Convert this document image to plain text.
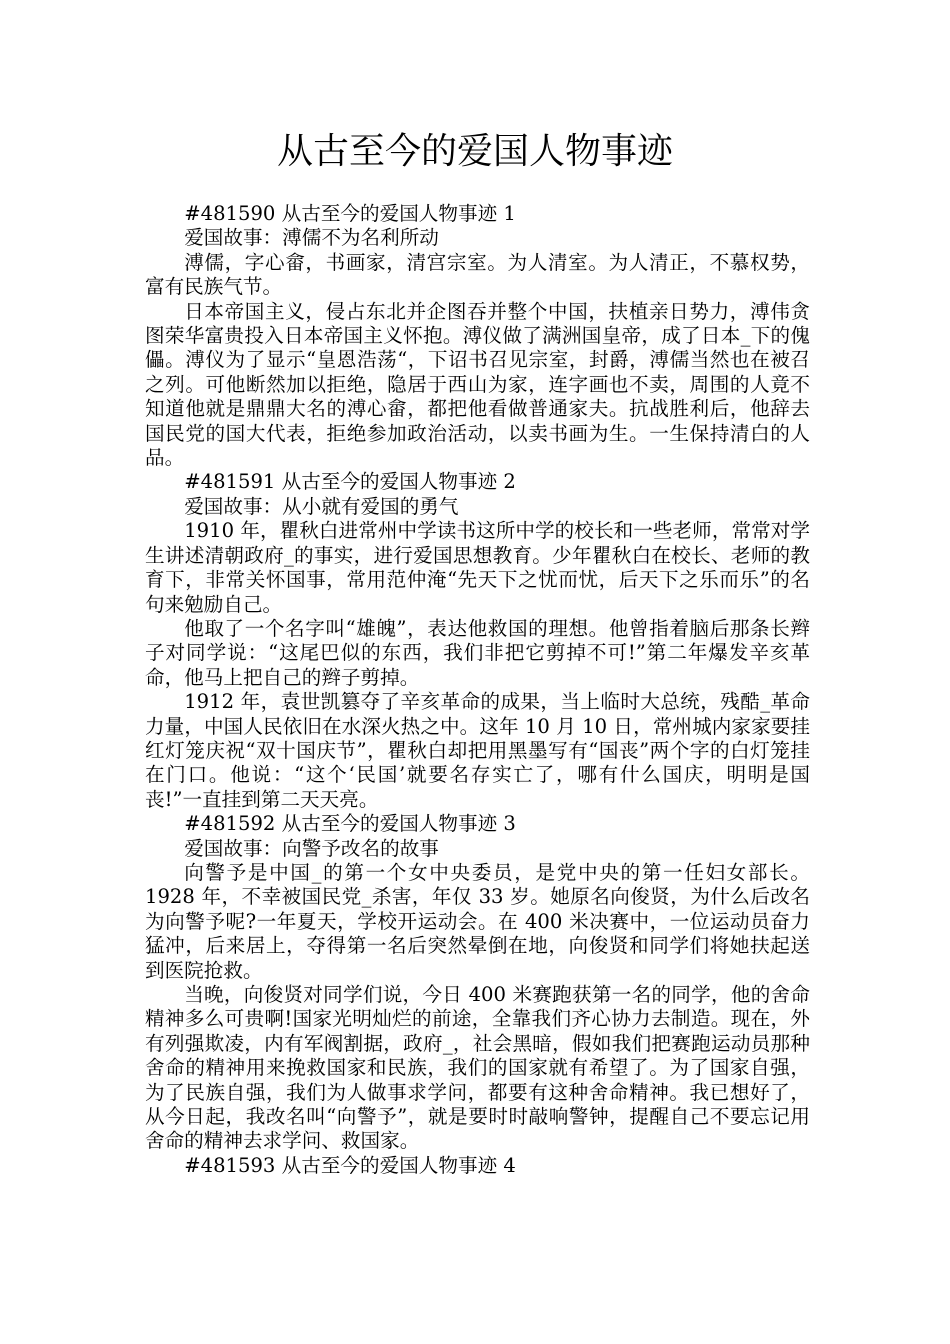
从古至今的爱国人物事迹

#481590 从古至今的爱国人物事迹 1

爱国故事：溥儒不为名利所动

溥儒，字心畲，书画家，清宫宗室。为人清室。为人清正，不慕权势，富有民族气节。

日本帝国主义，侵占东北并企图吞并整个中国，扶植亲日势力，溥伟贪图荣华富贵投入日本帝国主义怀抱。溥仪做了满洲国皇帝，成了日本_下的傀儡。溥仪为了显示“皇恩浩荡“，下诏书召见宗室，封爵，溥儒当然也在被召之列。可他断然加以拒绝，隐居于西山为家，连字画也不卖，周围的人竟不知道他就是鼎鼎大名的溥心畲，都把他看做普通家夫。抗战胜利后，他辞去国民党的国大代表，拒绝参加政治活动，以卖书画为生。一生保持清白的人品。

#481591 从古至今的爱国人物事迹 2

爱国故事：从小就有爱国的勇气

1910 年，瞿秋白进常州中学读书这所中学的校长和一些老师，常常对学生讲述清朝政府_的事实，进行爱国思想教育。少年瞿秋白在校长、老师的教育下，非常关怀国事，常用范仲淹“先天下之忧而忧，后天下之乐而乐”的名句来勉励自己。

他取了一个名字叫“雄魄”，表达他救国的理想。他曾指着脑后那条长辫子对同学说：“这尾巴似的东西，我们非把它剪掉不可!”第二年爆发辛亥革命，他马上把自己的辫子剪掉。

1912 年，袁世凯篡夺了辛亥革命的成果，当上临时大总统，残酷_革命力量，中国人民依旧在水深火热之中。这年 10 月 10 日，常州城内家家要挂红灯笼庆祝“双十国庆节”，瞿秋白却把用黑墨写有“国丧”两个字的白灯笼挂在门口。他说：“这个‘民国’就要名存实亡了，哪有什么国庆，明明是国丧!”一直挂到第二天天亮。

#481592 从古至今的爱国人物事迹 3

爱国故事：向警予改名的故事

向警予是中国_的第一个女中央委员，是党中央的第一任妇女部长。1928 年，不幸被国民党_杀害，年仅 33 岁。她原名向俊贤，为什么后改名为向警予呢?一年夏天，学校开运动会。在 400 米决赛中，一位运动员奋力猛冲，后来居上，夺得第一名后突然晕倒在地，向俊贤和同学们将她扶起送到医院抢救。

当晚，向俊贤对同学们说，今日 400 米赛跑获第一名的同学，他的舍命精神多么可贵啊!国家光明灿烂的前途，全靠我们齐心协力去制造。现在，外有列强欺凌，内有军阀割据，政府_，社会黑暗，假如我们把赛跑运动员那种舍命的精神用来挽救国家和民族，我们的国家就有希望了。为了国家自强，为了民族自强，我们为人做事求学问，都要有这种舍命精神。我已想好了，从今日起，我改名叫“向警予”，就是要时时敲响警钟，提醒自己不要忘记用舍命的精神去求学问、救国家。

#481593 从古至今的爱国人物事迹 4
